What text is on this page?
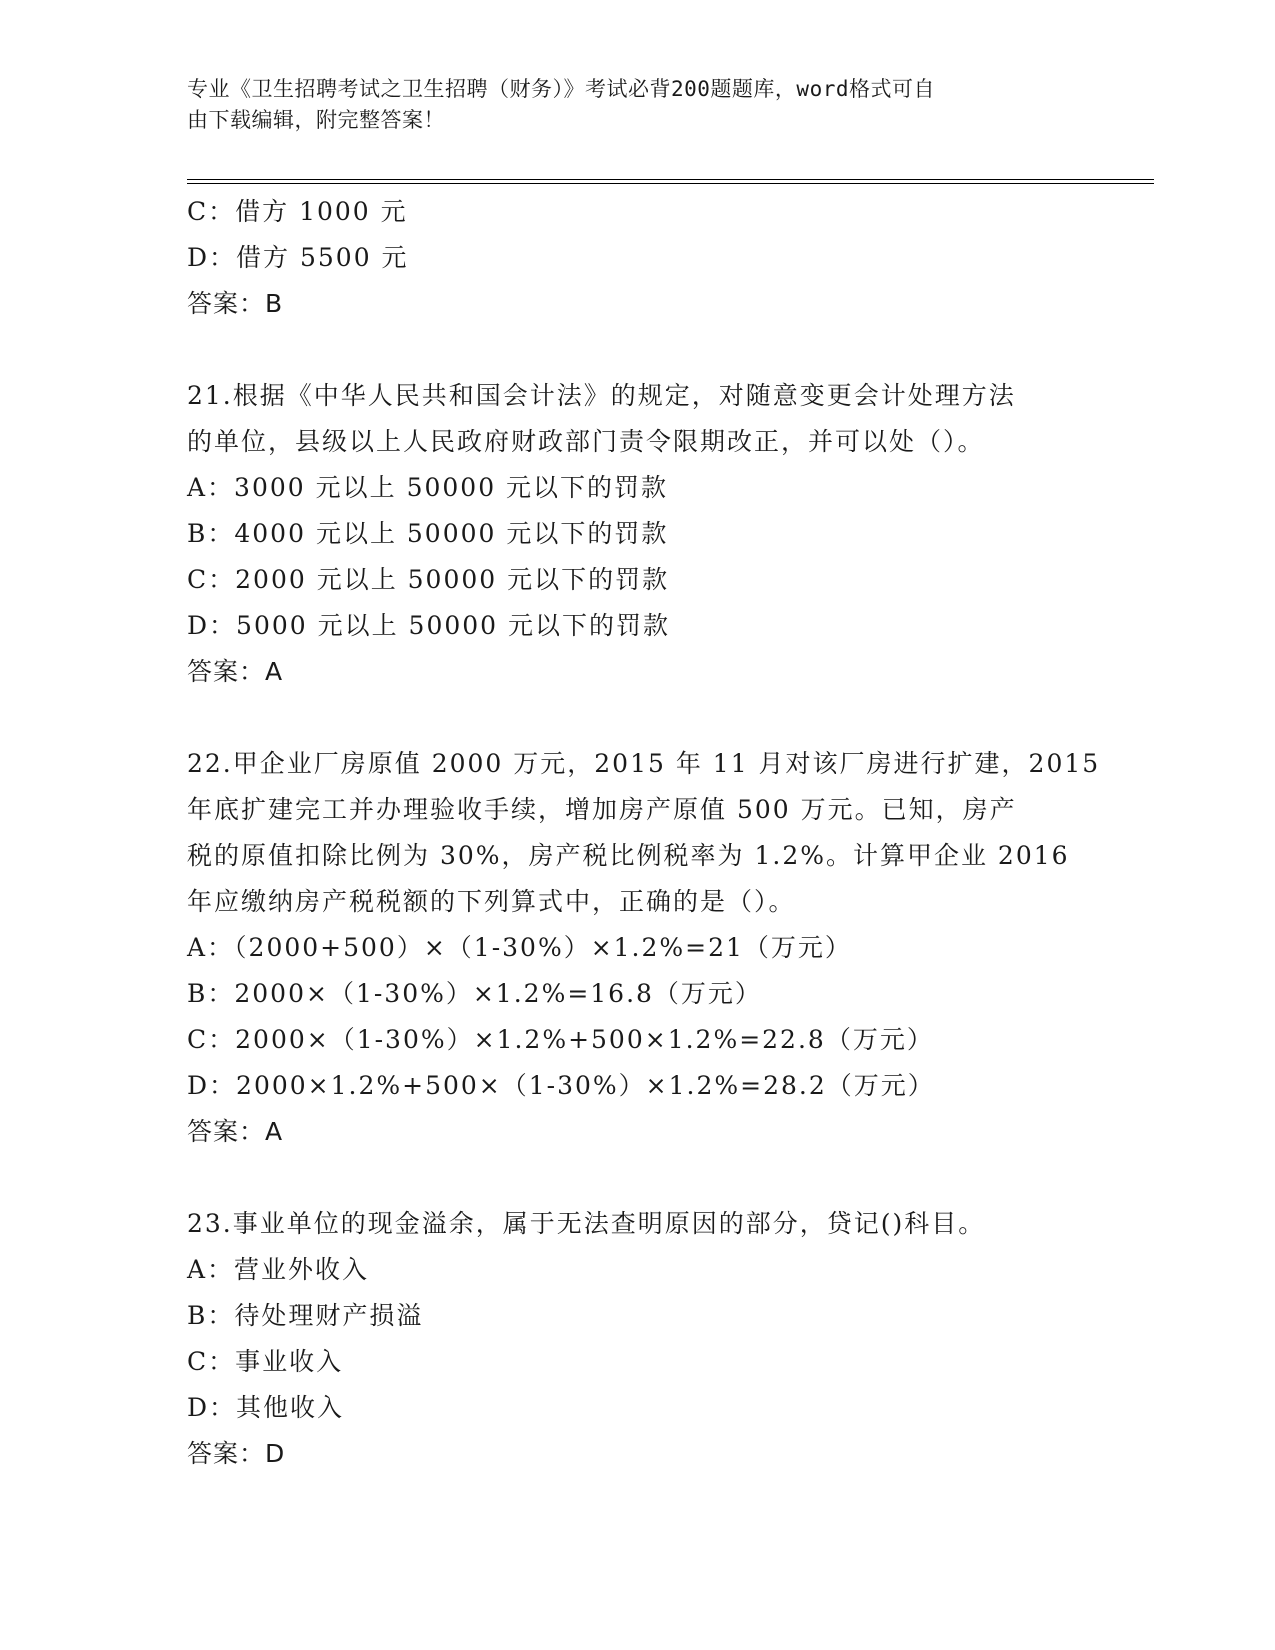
专业《卫生招聘考试之卫生招聘（财务）》考试必背200题题库，word格式可自
由下载编辑，附完整答案！
C：借方 1000 元
D：借方 5500 元
答案：B
21.根据《中华人民共和国会计法》的规定，对随意变更会计处理方法
的单位，县级以上人民政府财政部门责令限期改正，并可以处（）。
A：3000 元以上 50000 元以下的罚款
B：4000 元以上 50000 元以下的罚款
C：2000 元以上 50000 元以下的罚款
D：5000 元以上 50000 元以下的罚款
答案：A
22.甲企业厂房原值 2000 万元，2015 年 11 月对该厂房进行扩建，2015
年底扩建完工并办理验收手续，增加房产原值 500 万元。已知，房产
税的原值扣除比例为 30%，房产税比例税率为 1.2%。计算甲企业 2016
年应缴纳房产税税额的下列算式中，正确的是（）。
A：（2000+500）×（1-30%）×1.2%=21（万元）
B：2000×（1-30%）×1.2%=16.8（万元）
C：2000×（1-30%）×1.2%+500×1.2%=22.8（万元）
D：2000×1.2%+500×（1-30%）×1.2%=28.2（万元）
答案：A
23.事业单位的现金溢余，属于无法查明原因的部分，贷记()科目。
A：营业外收入
B：待处理财产损溢
C：事业收入
D：其他收入
答案：D
